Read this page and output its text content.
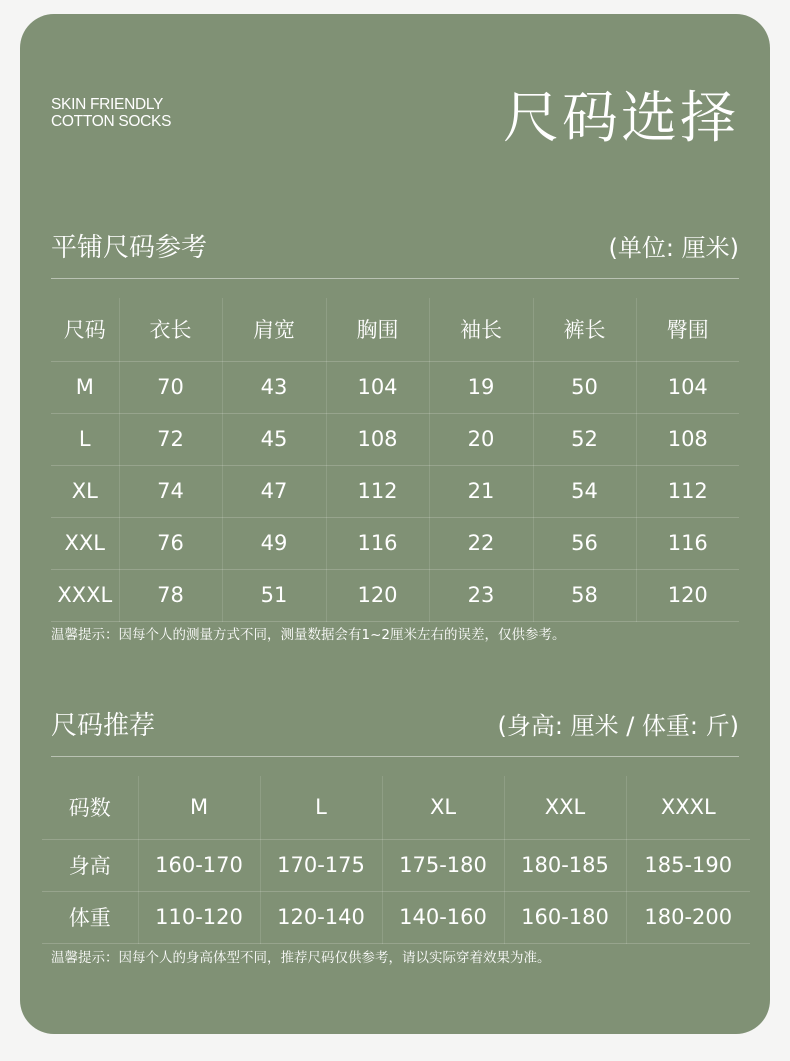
SKIN FRIENDLY
COTTON SOCKS	尺码选择
平铺尺码参考	(单位: 厘米)
尺码	衣长	肩宽	胸围	袖长	裤长	臀围
M	70	43	104	19	50	104
L	72	45	108	20	52	108
XL	74	47	112	21	54	112
XXL	76	49	116	22	56	116
XXXL	78	51	120	23	58	120
温馨提示：因每个人的测量方式不同，测量数据会有1~2厘米左右的误差，仅供参考。
尺码推荐	(身高: 厘米 / 体重: 斤)
码数	M	L	XL	XXL	XXXL
身高	160-170	170-175	175-180	180-185	185-190
体重	110-120	120-140	140-160	160-180	180-200
温馨提示：因每个人的身高体型不同，推荐尺码仅供参考，请以实际穿着效果为准。
